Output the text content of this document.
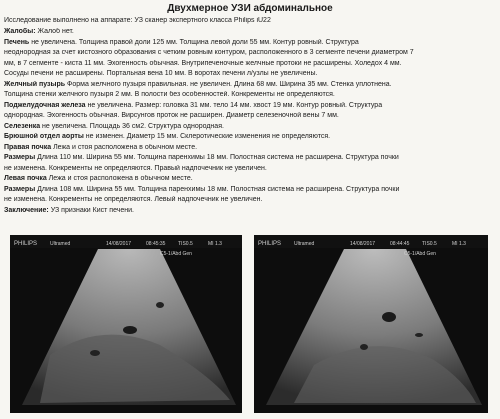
Двухмерное УЗИ абдоминальное
Исследование выполнено на аппарате: УЗ сканер экспертного класса Philips iU22
Жалобы: Жалоб нет.
Печень не увеличена. Толщина правой доли 125 мм. Толщина левой доли 55 мм. Контур ровный. Структура
неоднородная за счет кистозного образования с четким ровным контуром, расположенного в 3 сегменте печени диаметром 7
мм, в 7 сегменте - киста 11 мм. Эхогенность обычная. Внутрипеченочные желчные протоки не расширены. Холедох 4 мм.
Сосуды печени не расширены. Портальная вена 10 мм. В воротах печени л/узлы не увеличены.
Желчный пузырь Форма желчного пузыря правильная. не увеличен. Длина 68 мм. Ширина 35 мм. Стенка уплотнена.
Толщина стенки желчного пузыря 2 мм. В полости без особенностей. Конкременты не определяются.
Поджелудочная железа не увеличена. Размер: головка 31 мм. тело 14 мм. хвост 19 мм. Контур ровный. Структура
однородная. Эхогенность обычная. Вирсунгов проток не расширен. Диаметр селезеночной вены 7 мм.
Селезенка не увеличена. Площадь 36 см2. Структура однородная.
Брюшной отдел аорты не изменен. Диаметр 15 мм. Склеротические изменения не определяются.
Правая почка Лежа и стоя расположена в обычном месте.
Размеры Длина 110 мм. Ширина 55 мм. Толщина паренхимы 18 мм. Полостная система не расширена. Структура почки
не изменена. Конкременты не определяются. Правый надпочечник не увеличен.
Левая почка Лежа и стоя расположена в обычном месте.
Размеры Длина 108 мм. Ширина 55 мм. Толщина паренхимы 18 мм. Полостная система не расширена. Структура почки
не изменена. Конкременты не определяются. Левый надпочечник не увеличен.
Заключение: УЗ признаки Кист печени.
PHILIPS	Ultramed	14/08/2017	08:45:35	TIS0.5	MI 1.3
C5-1/Abd Gen
PHILIPS	Ultramed	14/08/2017	08:44:45	TIS0.5	MI 1.3
C5-1/Abd Gen
